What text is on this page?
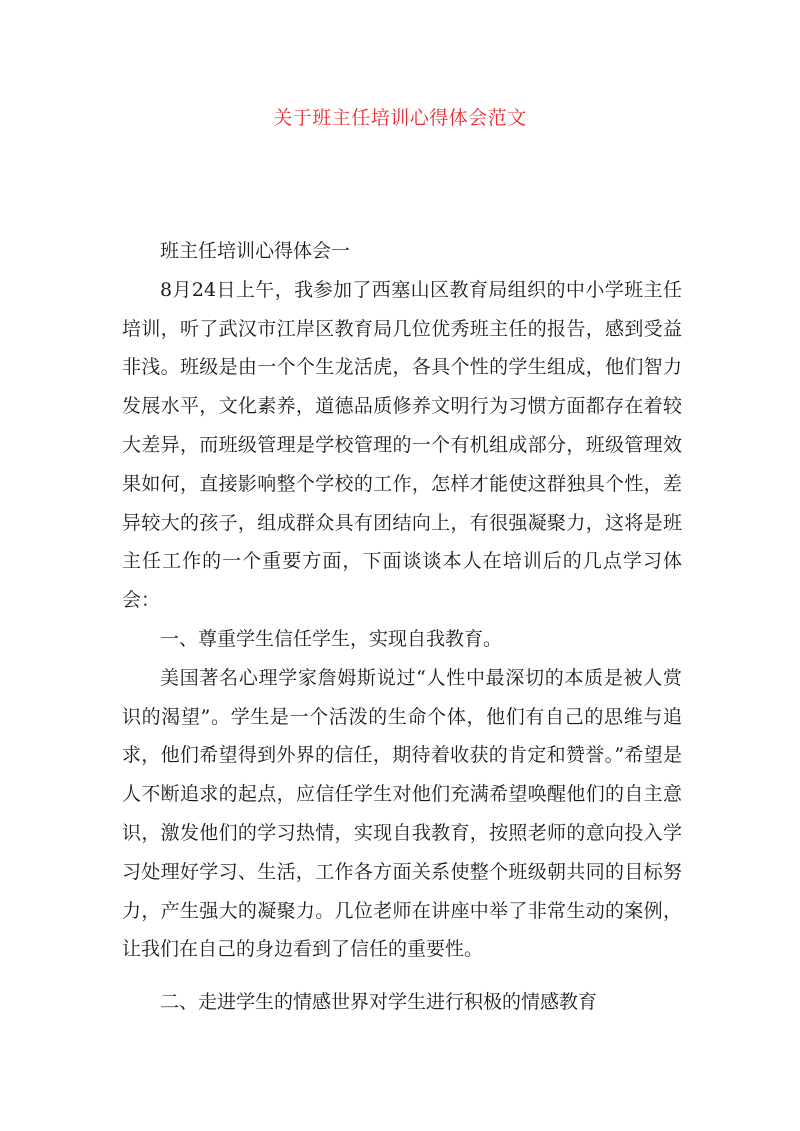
关于班主任培训心得体会范文

班主任培训心得体会一

8月24日上午，我参加了西塞山区教育局组织的中小学班主任培训，听了武汉市江岸区教育局几位优秀班主任的报告，感到受益非浅。班级是由一个个生龙活虎，各具个性的学生组成，他们智力发展水平，文化素养，道德品质修养文明行为习惯方面都存在着较大差异，而班级管理是学校管理的一个有机组成部分，班级管理效果如何，直接影响整个学校的工作，怎样才能使这群独具个性，差异较大的孩子，组成群众具有团结向上，有很强凝聚力，这将是班主任工作的一个重要方面，下面谈谈本人在培训后的几点学习体会：

一、尊重学生信任学生，实现自我教育。

美国著名心理学家詹姆斯说过“人性中最深切的本质是被人赏识的渴望”。学生是一个活泼的生命个体，他们有自己的思维与追求，他们希望得到外界的信任，期待着收获的肯定和赞誉。”希望是人不断追求的起点，应信任学生对他们充满希望唤醒他们的自主意识，激发他们的学习热情，实现自我教育，按照老师的意向投入学习处理好学习、生活，工作各方面关系使整个班级朝共同的目标努力，产生强大的凝聚力。几位老师在讲座中举了非常生动的案例，让我们在自己的身边看到了信任的重要性。

二、走进学生的情感世界对学生进行积极的情感教育
